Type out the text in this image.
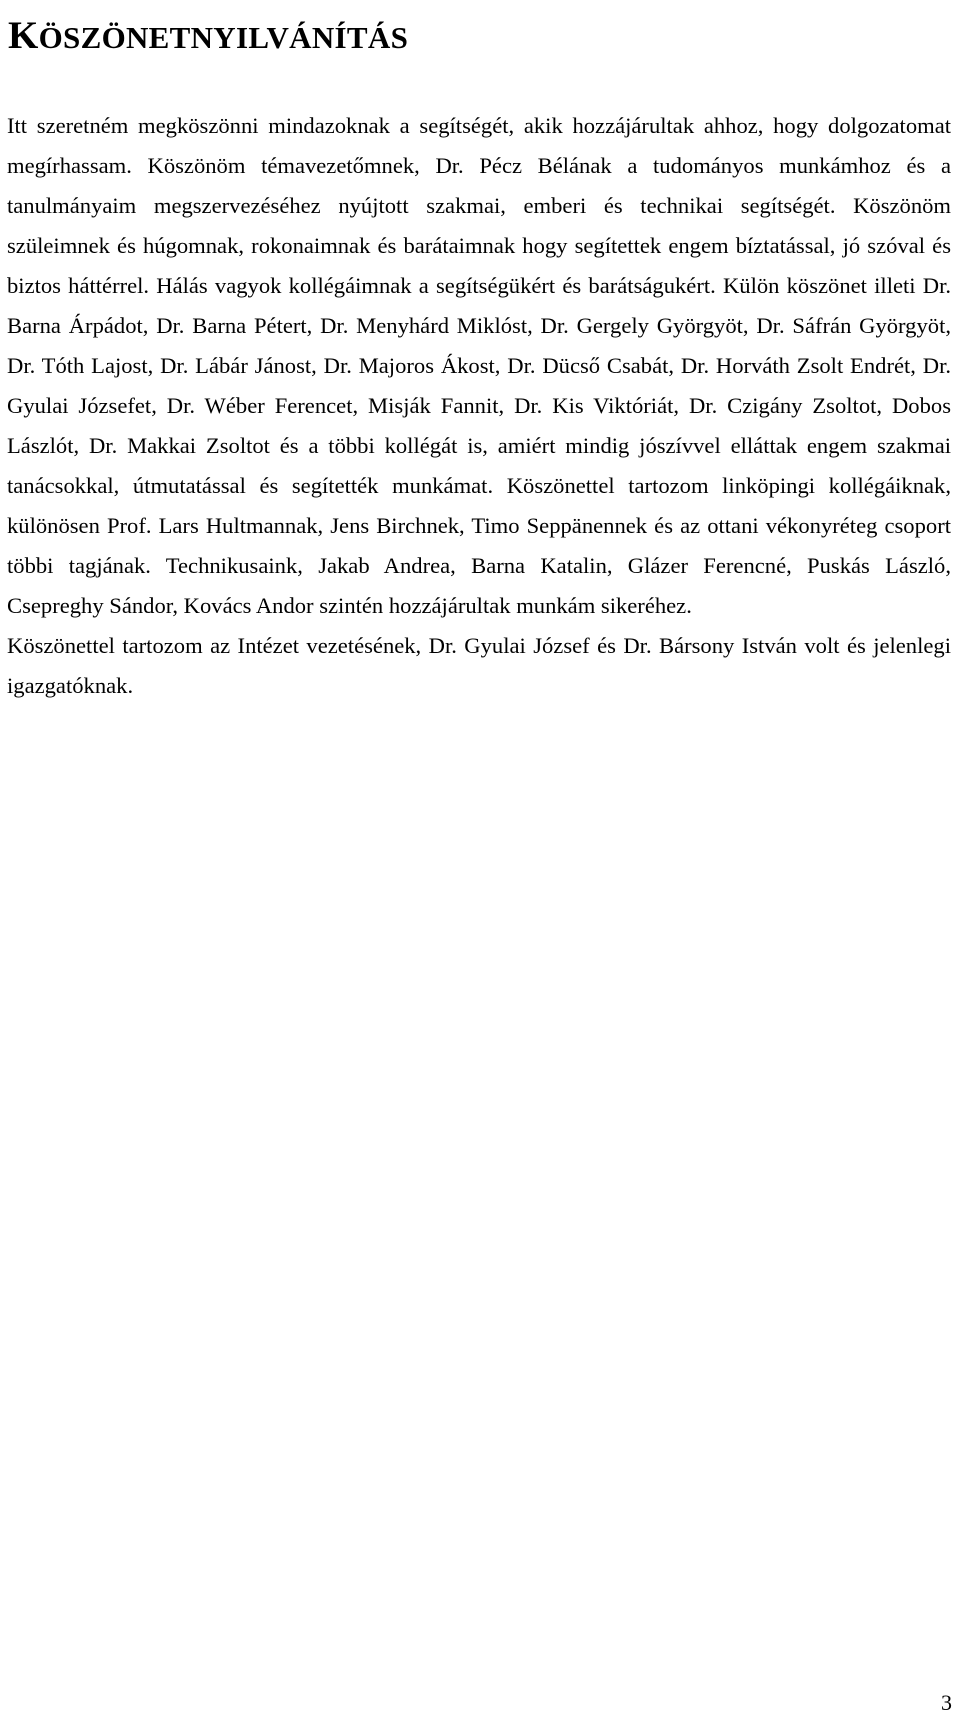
KÖSZÖNETNYILVÁNÍTÁS

Itt szeretném megköszönni mindazoknak a segítségét, akik hozzájárultak ahhoz, hogy dolgozatomat megírhassam. Köszönöm témavezetőmnek, Dr. Pécz Bélának a tudományos munkámhoz és a tanulmányaim megszervezéséhez nyújtott szakmai, emberi és technikai segítségét. Köszönöm szüleimnek és húgomnak, rokonaimnak és barátaimnak hogy segítettek engem bíztatással, jó szóval és biztos háttérrel. Hálás vagyok kollégáimnak a segítségükért és barátságukért. Külön köszönet illeti Dr. Barna Árpádot, Dr. Barna Pétert, Dr. Menyhárd Miklóst, Dr. Gergely Györgyöt, Dr. Sáfrán Györgyöt, Dr. Tóth Lajost, Dr. Lábár Jánost, Dr. Majoros Ákost, Dr. Dücső Csabát, Dr. Horváth Zsolt Endrét, Dr. Gyulai Józsefet, Dr. Wéber Ferencet, Misják Fannit, Dr. Kis Viktóriát, Dr. Czigány Zsoltot, Dobos Lászlót, Dr. Makkai Zsoltot és a többi kollégát is, amiért mindig jószívvel elláttak engem szakmai tanácsokkal, útmutatással és segítették munkámat. Köszönettel tartozom linköpingi kollégáiknak, különösen Prof. Lars Hultmannak, Jens Birchnek, Timo Seppänennek és az ottani vékonyréteg csoport többi tagjának. Technikusaink, Jakab Andrea, Barna Katalin, Glázer Ferencné, Puskás László, Csepreghy Sándor, Kovács Andor szintén hozzájárultak munkám sikeréhez.

Köszönettel tartozom az Intézet vezetésének, Dr. Gyulai József és Dr. Bársony István volt és jelenlegi igazgatóknak.

3
